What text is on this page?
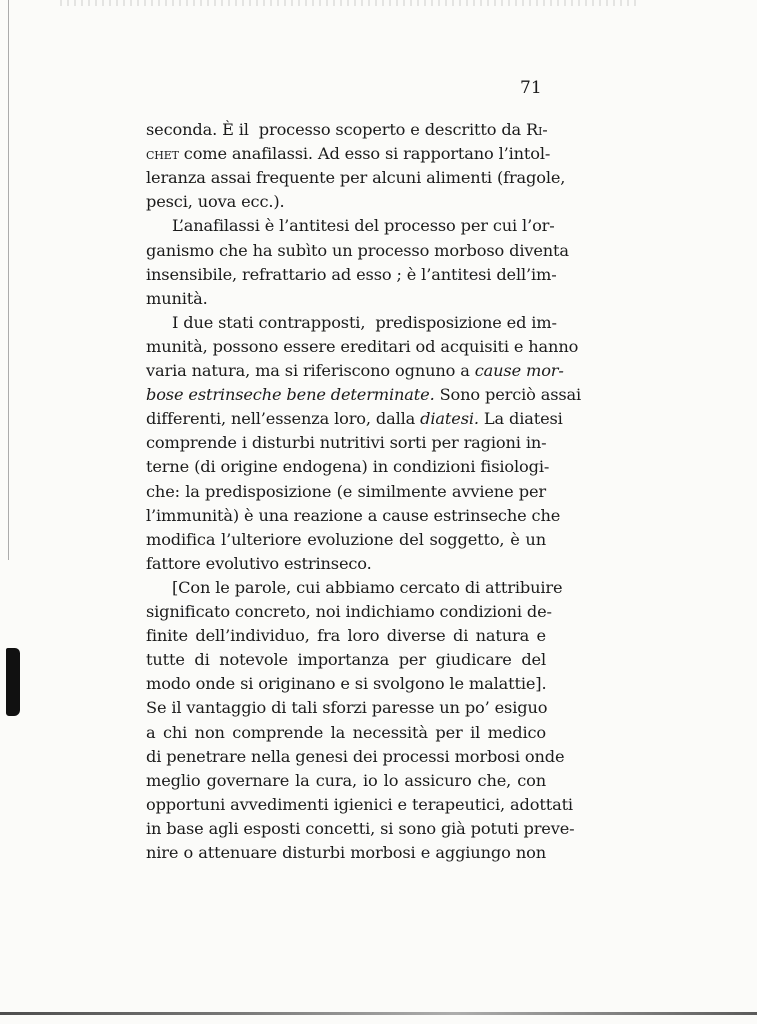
71
seconda. È il  processo scoperto e descritto da Ri-
chet come anafilassi. Ad esso si rapportano l’intol-
leranza assai frequente per alcuni alimenti (fragole,
pesci, uova ecc.).
L’anafilassi è l’antitesi del processo per cui l’or-
ganismo che ha subìto un processo morboso diventa
insensibile, refrattario ad esso ; è l’antitesi dell’im-
munità.
I due stati contrapposti,  predisposizione ed im-
munità, possono essere ereditari od acquisiti e hanno
varia natura, ma si riferiscono ognuno a cause mor-
bose estrinseche bene determinate. Sono perciò assai
differenti, nell’essenza loro, dalla diatesi. La diatesi
comprende i disturbi nutritivi sorti per ragioni in-
terne (di origine endogena) in condizioni fisiologi-
che: la predisposizione (e similmente avviene per
l’immunità) è una reazione a cause estrinseche che
modifica l’ulteriore evoluzione del soggetto, è un
fattore evolutivo estrinseco.
[Con le parole, cui abbiamo cercato di attribuire
significato concreto, noi indichiamo condizioni de-
finite dell’individuo, fra loro diverse di natura e
tutte di notevole importanza per giudicare del
modo onde si originano e si svolgono le malattie].
Se il vantaggio di tali sforzi paresse un po’ esiguo
a chi non comprende la necessità per il medico
di penetrare nella genesi dei processi morbosi onde
meglio governare la cura, io lo assicuro che, con
opportuni avvedimenti igienici e terapeutici, adottati
in base agli esposti concetti, si sono già potuti preve-
nire o attenuare disturbi morbosi e aggiungo non
